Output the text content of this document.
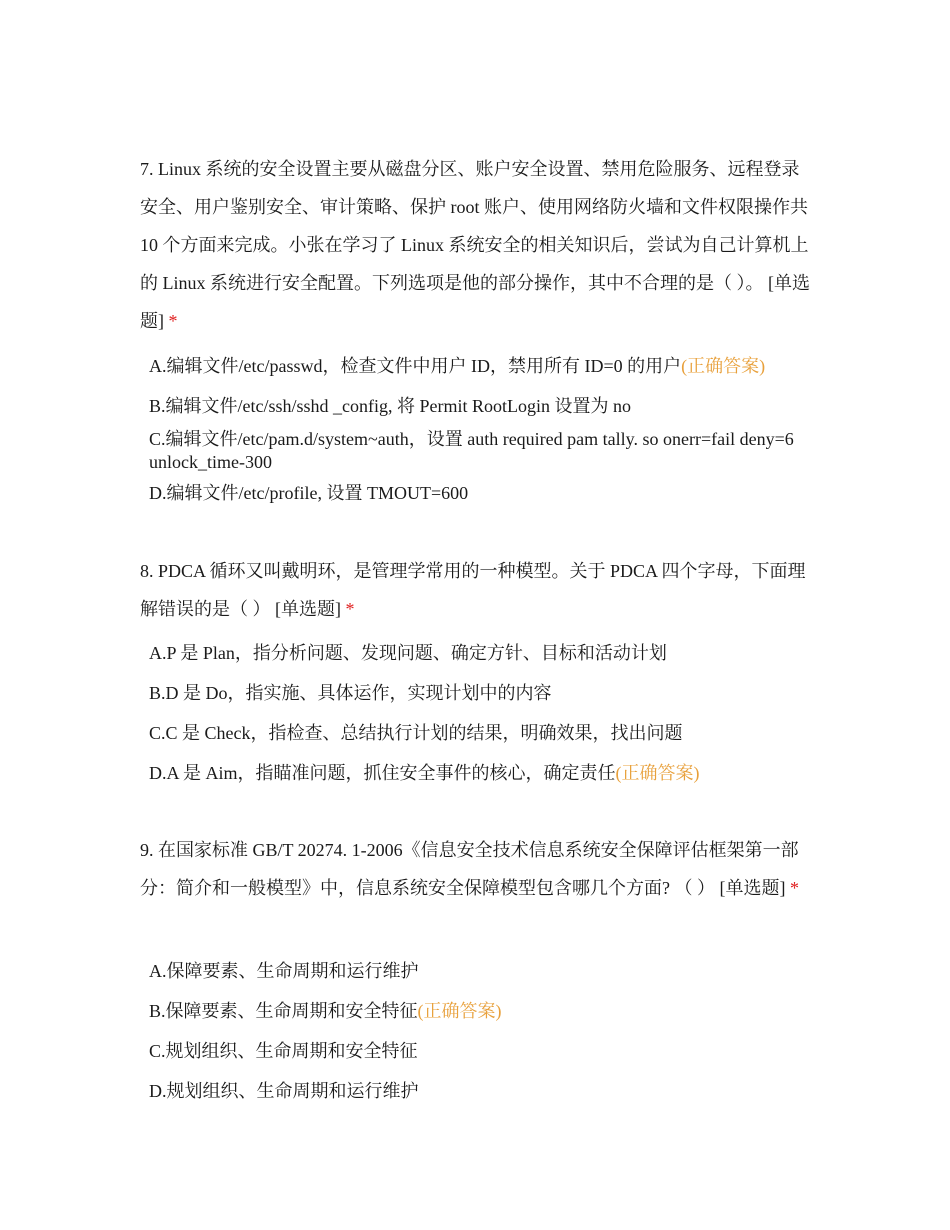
7. Linux 系统的安全设置主要从磁盘分区、账户安全设置、禁用危险服务、远程登录安全、用户鉴别安全、审计策略、保护 root 账户、使用网络防火墙和文件权限操作共 10 个方面来完成。小张在学习了 Linux 系统安全的相关知识后，尝试为自己计算机上的 Linux 系统进行安全配置。下列选项是他的部分操作，其中不合理的是（ ）。 [单选题] *

A.编辑文件/etc/passwd，检查文件中用户 ID，禁用所有 ID=0 的用户(正确答案)

B.编辑文件/etc/ssh/sshd _config, 将 Permit RootLogin 设置为 no

C.编辑文件/etc/pam.d/system~auth，设置 auth required pam tally. so onerr=fail deny=6 unlock_time-300

D.编辑文件/etc/profile, 设置 TMOUT=600

8. PDCA 循环又叫戴明环，是管理学常用的一种模型。关于 PDCA 四个字母，下面理解错误的是（ ） [单选题] *

A.P 是 Plan，指分析问题、发现问题、确定方针、目标和活动计划

B.D 是 Do，指实施、具体运作，实现计划中的内容

C.C 是 Check，指检查、总结执行计划的结果，明确效果，找出问题

D.A 是 Aim，指瞄准问题，抓住安全事件的核心，确定责任(正确答案)

9. 在国家标准 GB/T 20274. 1-2006《信息安全技术信息系统安全保障评估框架第一部分：简介和一般模型》中，信息系统安全保障模型包含哪几个方面? （ ） [单选题] *

A.保障要素、生命周期和运行维护

B.保障要素、生命周期和安全特征(正确答案)

C.规划组织、生命周期和安全特征

D.规划组织、生命周期和运行维护
